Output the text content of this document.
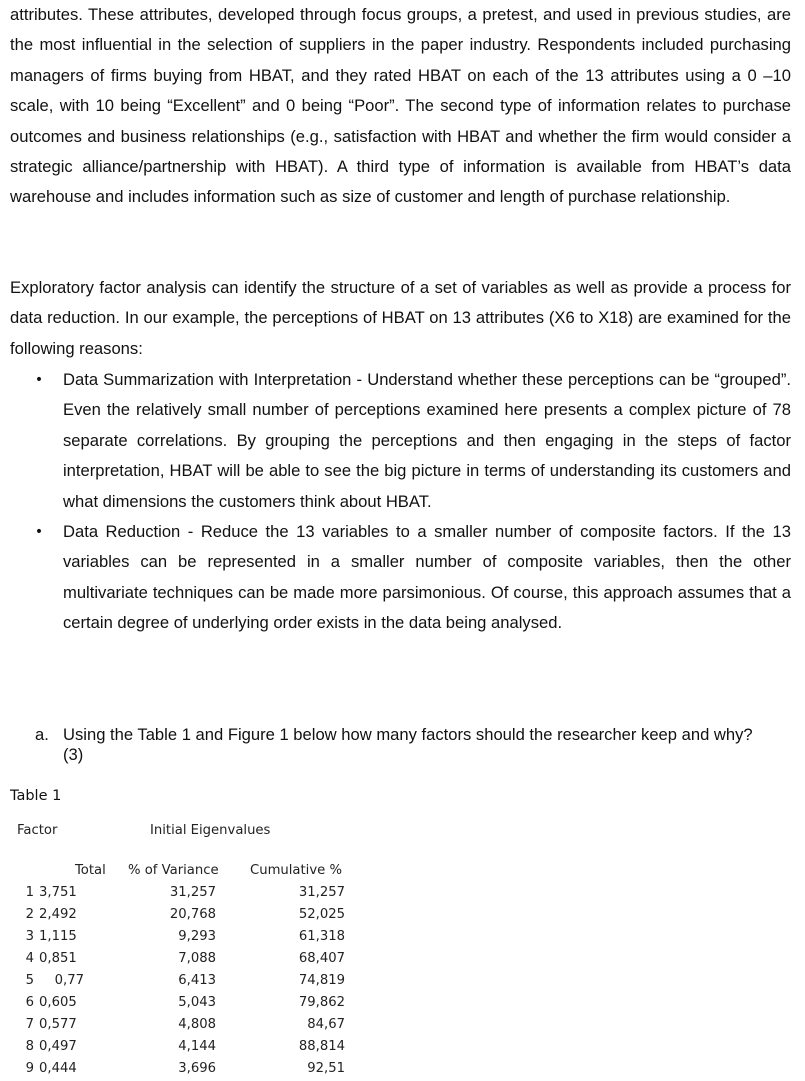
attributes. These attributes, developed through focus groups, a pretest, and used in previous studies, are the most influential in the selection of suppliers in the paper industry. Respondents included purchasing managers of firms buying from HBAT, and they rated HBAT on each of the 13 attributes using a 0 –10 scale, with 10 being “Excellent” and 0 being “Poor”. The second type of information relates to purchase outcomes and business relationships (e.g., satisfaction with HBAT and whether the firm would consider a strategic alliance/partnership with HBAT). A third type of information is available from HBAT’s data warehouse and includes information such as size of customer and length of purchase relationship.

Exploratory factor analysis can identify the structure of a set of variables as well as provide a process for data reduction. In our example, the perceptions of HBAT on 13 attributes (X6 to X18) are examined for the following reasons:

• Data Summarization with Interpretation - Understand whether these perceptions can be “grouped”. Even the relatively small number of perceptions examined here presents a complex picture of 78 separate correlations. By grouping the perceptions and then engaging in the steps of factor interpretation, HBAT will be able to see the big picture in terms of understanding its customers and what dimensions the customers think about HBAT.
• Data Reduction - Reduce the 13 variables to a smaller number of composite factors. If the 13 variables can be represented in a smaller number of composite variables, then the other multivariate techniques can be made more parsimonious. Of course, this approach assumes that a certain degree of underlying order exists in the data being analysed.
a. Using the Table 1 and Figure 1 below how many factors should the researcher keep and why? (3)

Table 1

Factor	Initial Eigenvalues

Total % of Variance Cumulative %

1 3,751	31,257	31,257

2 2,492	20,768	52,025

3 1,115	9,293	61,318

4 0,851	7,088	68,407

5	0,77	6,413	74,819

6 0,605	5,043	79,862

7 0,577	4,808	84,67

8 0,497	4,144	88,814

9 0,444	3,696	92,51
